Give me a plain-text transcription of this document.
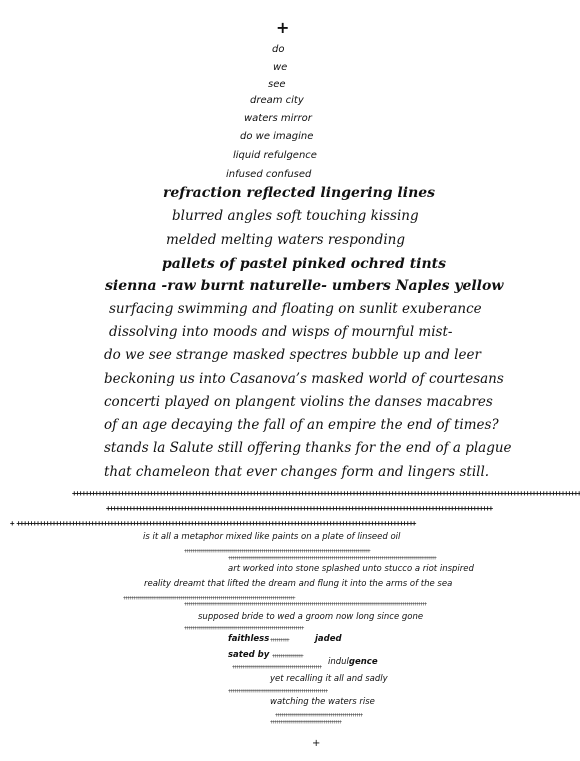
+
do
we
see
dream city
waters mirror
do we imagine
liquid refulgence
infused confused
refraction reflected lingering lines
blurred angles soft touching kissing
melded melting waters responding
pallets of pastel pinked ochred tints
sienna -raw burnt naturelle- umbers Naples yellow
surfacing swimming and floating on sunlit exuberance
dissolving into moods and wisps of mournful mist-
do we see strange masked spectres bubble up and leer
beckoning us into Casanova’s masked world of courtesans
concerti played on plangent violins the danses macabres
of an age decaying the fall of an empire the end of times?
stands la Salute still offering thanks for the end of a plague
that chameleon that ever changes form and lingers still.
++++++++++++++++++++++++++++++++++++++++++++++++++++++++++++++++++++++++++++++++++++++++++++++++++++++++++++++++++++++++++++++++++++++++++++++++++++++++++++++
++++++++++++++++++++++++++++++++++++++++++++++++++++++++++++++++++++++++++++++++++++++++++++++++++++++++++++++++++++++++
+ ++++++++++++++++++++++++++++++++++++++++++++++++++++++++++++++++++++++++++++++++++++++++++++++++++++++++++++++++++++++++++++
is it all a metaphor mixed like paints on a plate of linseed oil
++++++++++++++++++++++++++++++++++++++++++++++++++++++++++++++++++++++++++++++++++++++++++++
+++++++++++++++++++++++++++++++++++++++++++++++++++++++++++++++++++++++++++++++++++++++++++++++++++++++
art worked into stone splashed unto stucco a riot inspired
reality dreamt that lifted the dream and flung it into the arms of the sea
+++++++++++++++++++++++++++++++++++++++++++++++++++++++++++++++++++++++++++++++++++++
++++++++++++++++++++++++++++++++++++++++++++++++++++++++++++++++++++++++++++++++++++++++++++++++++++++++++++++++++++++++
supposed bride to wed a groom now long since gone
+++++++++++++++++++++++++++++++++++++++++++++++++++++++++++
faithless +++++++++	jaded
sated by +++++++++++++++
indulgence
++++++++++++++++++++++++++++++++++++++++++++
yet recalling it all and sadly
+++++++++++++++++++++++++++++++++++++++++++++++++
watching the waters rise
+++++++++++++++++++++++++++++++++++++++++++
+++++++++++++++++++++++++++++++++++
+
